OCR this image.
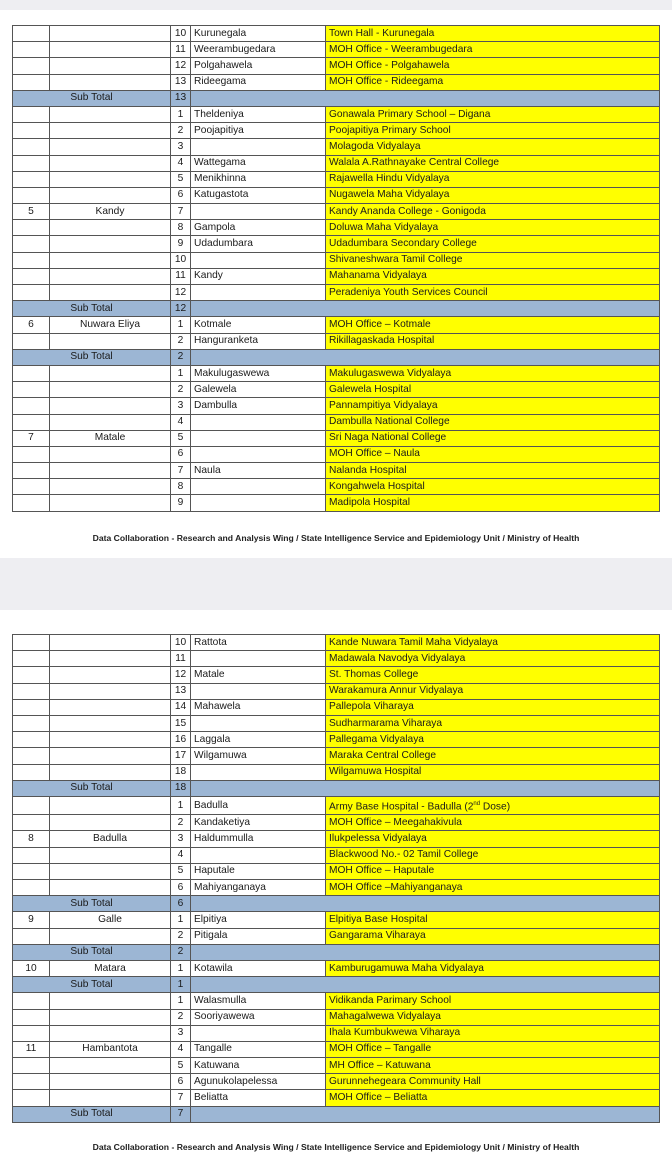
		10	Kurunegala	Town Hall - Kurunegala
		11	Weerambugedara	MOH Office - Weerambugedara
		12	Polgahawela	MOH Office - Polgahawela
		13	Rideegama	MOH Office - Rideegama
Sub Total		13		
		1	Theldeniya	Gonawala Primary School – Digana
		2	Poojapitiya	Poojapitiya Primary School
		3		Molagoda Vidyalaya
		4	Wattegama	Walala A.Rathnayake Central College
		5	Menikhinna	Rajawella Hindu Vidyalaya
		6	Katugastota	Nugawela Maha Vidyalaya
5	Kandy	7		Kandy Ananda College - Gonigoda
		8	Gampola	Doluwa Maha Vidyalaya
		9	Udadumbara	Udadumbara Secondary College
		10		Shivaneshwara Tamil College
		11	Kandy	Mahanama Vidyalaya
		12		Peradeniya Youth Services Council
Sub Total		12		
6	Nuwara Eliya	1	Kotmale	MOH Office – Kotmale
		2	Hanguranketa	Rikillagaskada Hospital
Sub Total		2		
		1	Makulugaswewa	Makulugaswewa Vidyalaya
		2	Galewela	Galewela Hospital
		3	Dambulla	Pannampitiya Vidyalaya
		4		Dambulla National College
7	Matale	5		Sri Naga National College
		6		MOH Office – Naula
		7	Naula	Nalanda Hospital
		8		Kongahwela Hospital
		9		Madipola Hospital
Data Collaboration - Research and Analysis Wing / State Intelligence Service and Epidemiology Unit / Ministry of Health
		10	Rattota	Kande Nuwara Tamil Maha Vidyalaya
		11		Madawala Navodya Vidyalaya
		12	Matale	St. Thomas College
		13		Warakamura Annur Vidyalaya
		14	Mahawela	Pallepola Viharaya
		15		Sudharmarama Viharaya
		16	Laggala	Pallegama Vidyalaya
		17	Wilgamuwa	Maraka Central College
		18		Wilgamuwa Hospital
Sub Total		18		
		1	Badulla	Army Base Hospital - Badulla (2nd Dose)
		2	Kandaketiya	MOH Office – Meegahakivula
8	Badulla	3	Haldummulla	Ilukpelessa Vidyalaya
		4		Blackwood No.- 02 Tamil College
		5	Haputale	MOH Office – Haputale
		6	Mahiyanganaya	MOH Office –Mahiyanganaya
Sub Total		6		
9	Galle	1	Elpitiya	Elpitiya Base Hospital
		2	Pitigala	Gangarama Viharaya
Sub Total		2		
10	Matara	1	Kotawila	Kamburugamuwa Maha Vidyalaya
Sub Total		1		
		1	Walasmulla	Vidikanda Parimary School
		2	Sooriyawewa	Mahagalwewa Vidyalaya
		3		Ihala Kumbukwewa Viharaya
11	Hambantota	4	Tangalle	MOH Office – Tangalle
		5	Katuwana	MH Office – Katuwana
		6	Agunukolapelessa	Gurunnehegeara Community Hall
		7	Beliatta	MOH Office – Beliatta
Sub Total		7		
Data Collaboration - Research and Analysis Wing / State Intelligence Service and Epidemiology Unit / Ministry of Health
